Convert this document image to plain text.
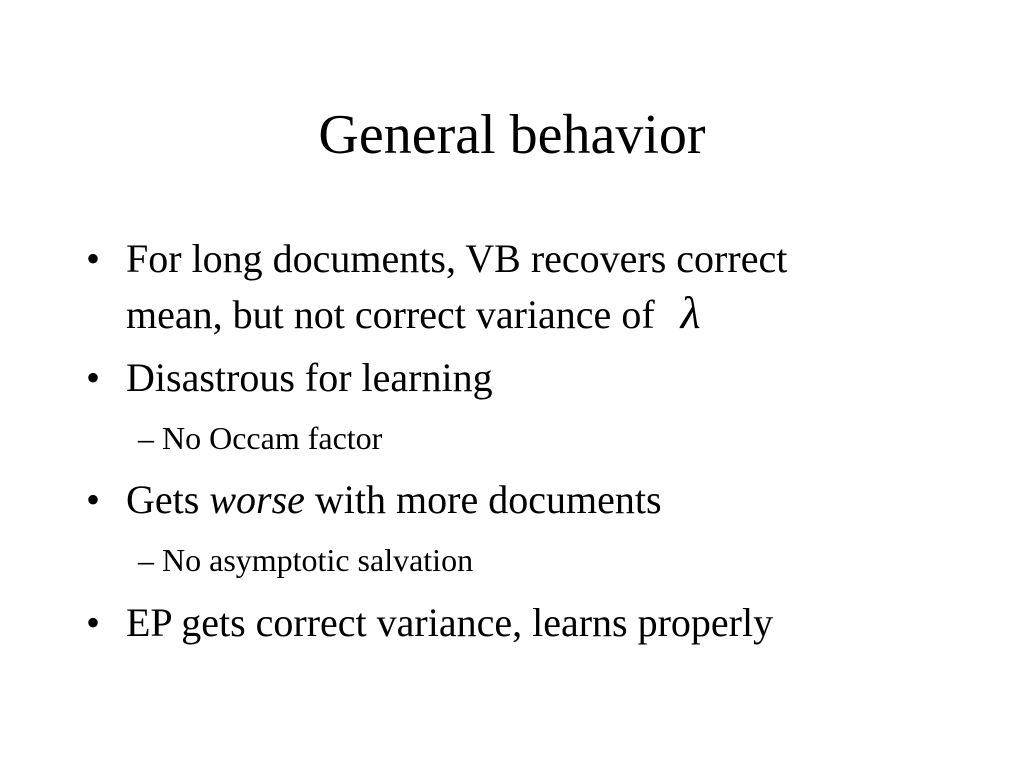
General behavior
• For long documents, VB recovers correct
mean, but not correct variance of λ
• Disastrous for learning
– No Occam factor
• Gets worse with more documents
– No asymptotic salvation
• EP gets correct variance, learns properly
